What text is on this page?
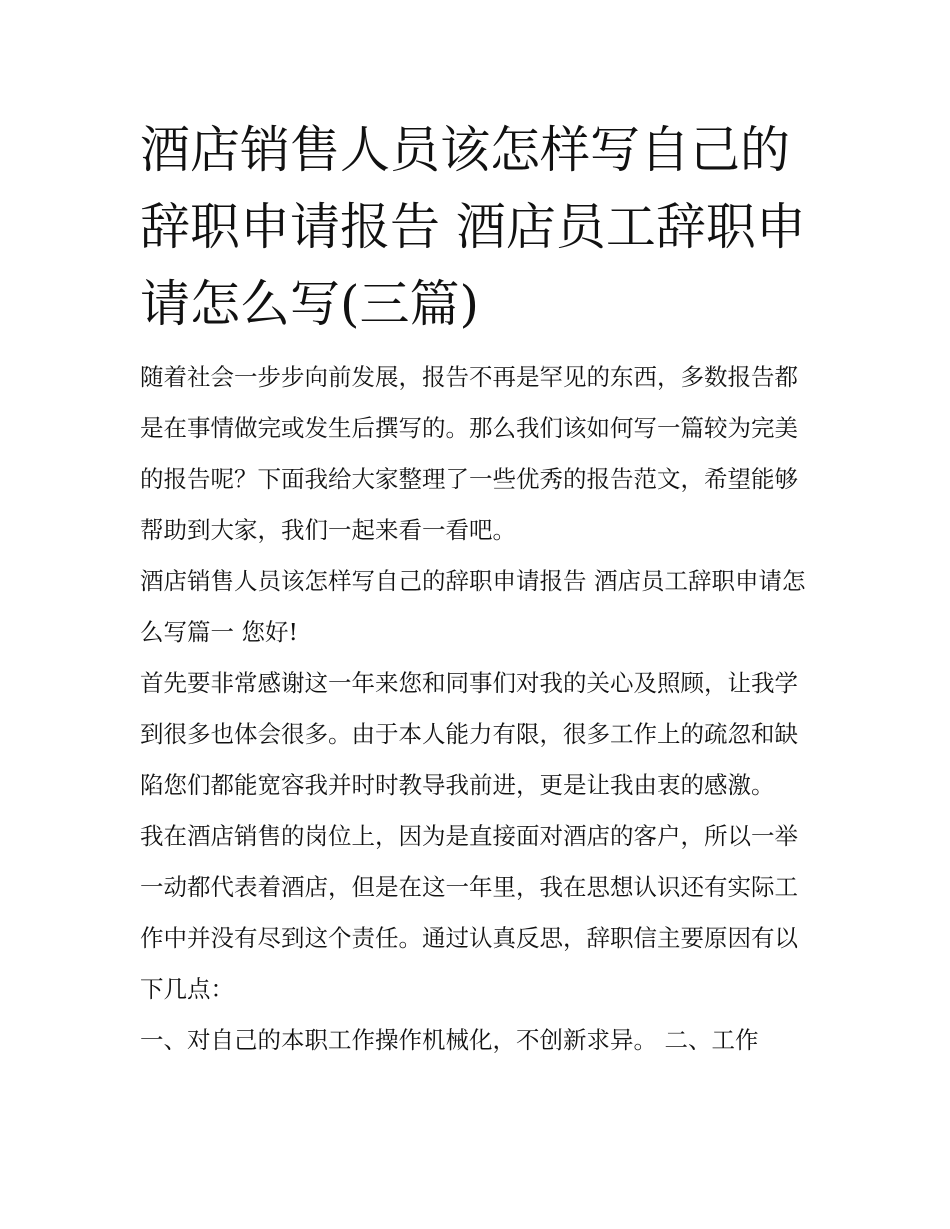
酒店销售人员该怎样写自己的辞职申请报告 酒店员工辞职申请怎么写(三篇)

随着社会一步步向前发展，报告不再是罕见的东西，多数报告都是在事情做完或发生后撰写的。那么我们该如何写一篇较为完美的报告呢？下面我给大家整理了一些优秀的报告范文，希望能够帮助到大家，我们一起来看一看吧。

酒店销售人员该怎样写自己的辞职申请报告 酒店员工辞职申请怎么写篇一 您好!

首先要非常感谢这一年来您和同事们对我的关心及照顾，让我学到很多也体会很多。由于本人能力有限，很多工作上的疏忽和缺陷您们都能宽容我并时时教导我前进，更是让我由衷的感激。

我在酒店销售的岗位上，因为是直接面对酒店的客户，所以一举一动都代表着酒店，但是在这一年里，我在思想认识还有实际工作中并没有尽到这个责任。通过认真反思，辞职信主要原因有以下几点：

一、对自己的本职工作操作机械化，不创新求异。 二、工作
